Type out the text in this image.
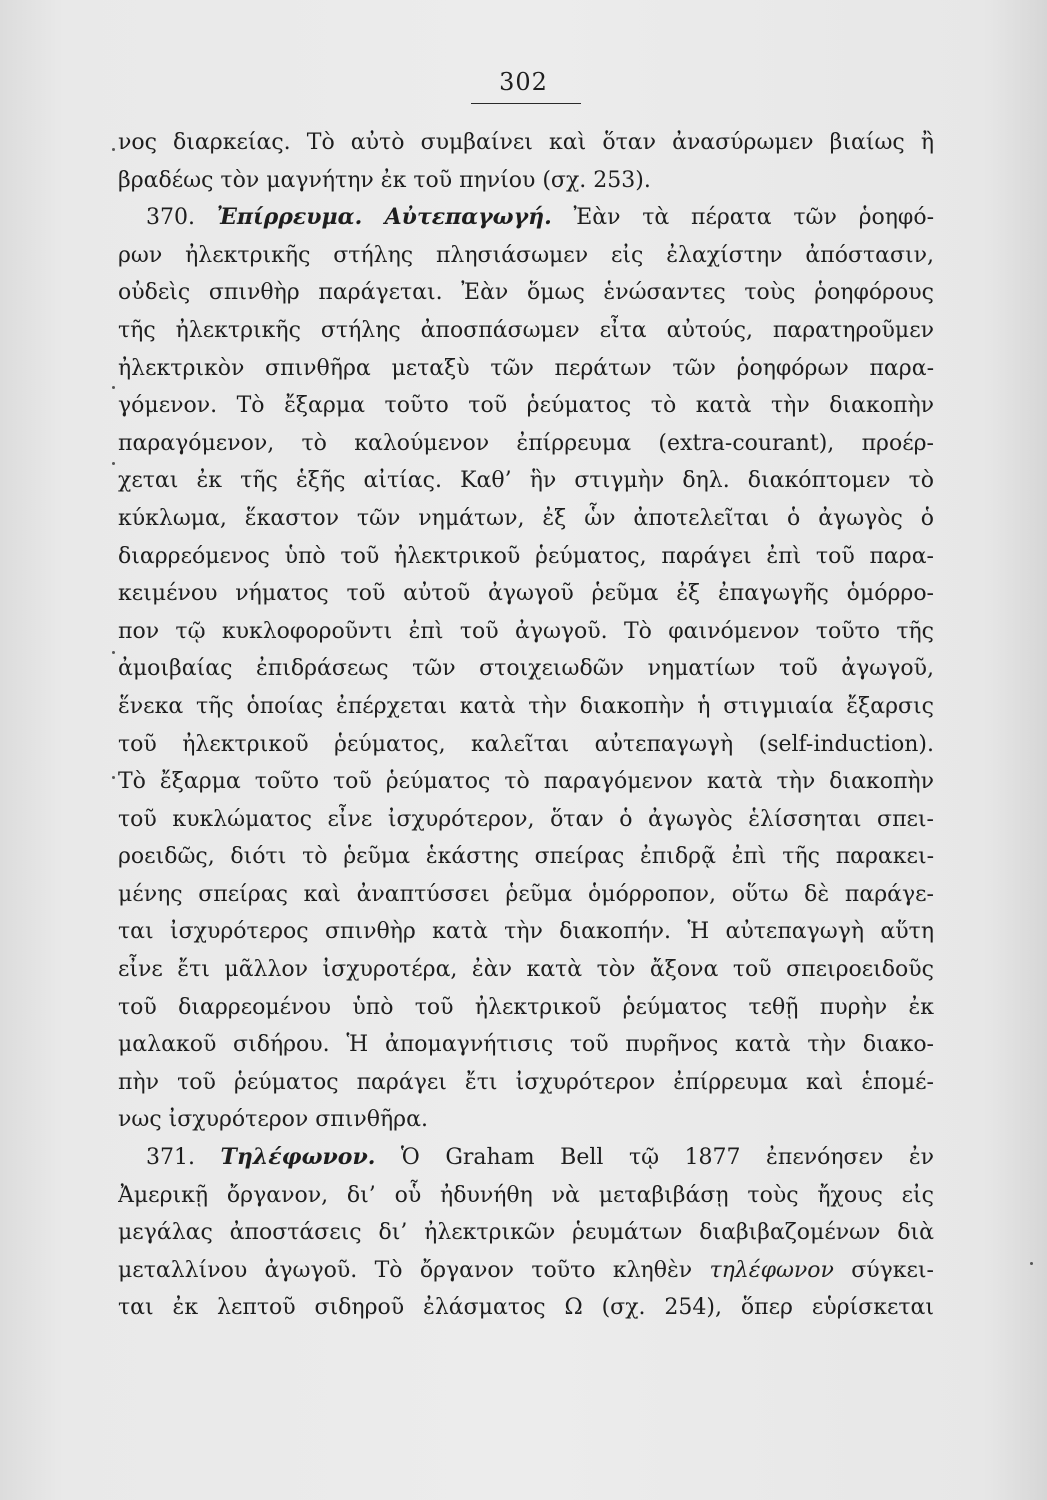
302
νος διαρκείας. Τὸ αὐτὸ συμβαίνει καὶ ὅταν ἀνασύρωμεν βιαίως ἢ
βραδέως τὸν μαγνήτην ἐκ τοῦ πηνίου (σχ. 253).
370. Ἐπίρρευμα. Αὐτεπαγωγή. Ἐὰν τὰ πέρατα τῶν ῥοηφό-
ρων ἠλεκτρικῆς στήλης πλησιάσωμεν εἰς ἐλαχίστην ἀπόστασιν,
οὐδεὶς σπινθὴρ παράγεται. Ἐὰν ὅμως ἑνώσαντες τοὺς ῥοηφόρους
τῆς ἠλεκτρικῆς στήλης ἀποσπάσωμεν εἶτα αὐτούς, παρατηροῦμεν
ἠλεκτρικὸν σπινθῆρα μεταξὺ τῶν περάτων τῶν ῥοηφόρων παρα-
γόμενον. Τὸ ἔξαρμα τοῦτο τοῦ ῥεύματος τὸ κατὰ τὴν διακοπὴν
παραγόμενον, τὸ καλούμενον ἐπίρρευμα (extra-courant), προέρ-
χεται ἐκ τῆς ἑξῆς αἰτίας. Καθ’ ἣν στιγμὴν δηλ. διακόπτομεν τὸ
κύκλωμα, ἕκαστον τῶν νημάτων, ἐξ ὧν ἀποτελεῖται ὁ ἀγωγὸς ὁ
διαρρεόμενος ὑπὸ τοῦ ἠλεκτρικοῦ ῥεύματος, παράγει ἐπὶ τοῦ παρα-
κειμένου νήματος τοῦ αὐτοῦ ἀγωγοῦ ῥεῦμα ἐξ ἐπαγωγῆς ὁμόρρο-
πον τῷ κυκλοφοροῦντι ἐπὶ τοῦ ἀγωγοῦ. Τὸ φαινόμενον τοῦτο τῆς
ἀμοιβαίας ἐπιδράσεως τῶν στοιχειωδῶν νηματίων τοῦ ἀγωγοῦ,
ἕνεκα τῆς ὁποίας ἐπέρχεται κατὰ τὴν διακοπὴν ἡ στιγμιαία ἔξαρσις
τοῦ ἠλεκτρικοῦ ῥεύματος, καλεῖται αὐτεπαγωγὴ (self-induction).
Τὸ ἔξαρμα τοῦτο τοῦ ῥεύματος τὸ παραγόμενον κατὰ τὴν διακοπὴν
τοῦ κυκλώματος εἶνε ἰσχυρότερον, ὅταν ὁ ἀγωγὸς ἑλίσσηται σπει-
ροειδῶς, διότι τὸ ῥεῦμα ἑκάστης σπείρας ἐπιδρᾷ ἐπὶ τῆς παρακει-
μένης σπείρας καὶ ἀναπτύσσει ῥεῦμα ὁμόρροπον, οὕτω δὲ παράγε-
ται ἰσχυρότερος σπινθὴρ κατὰ τὴν διακοπήν. Ἡ αὐτεπαγωγὴ αὕτη
εἶνε ἔτι μᾶλλον ἰσχυροτέρα, ἐὰν κατὰ τὸν ἄξονα τοῦ σπειροειδοῦς
τοῦ διαρρεομένου ὑπὸ τοῦ ἠλεκτρικοῦ ῥεύματος τεθῇ πυρὴν ἐκ
μαλακοῦ σιδήρου. Ἡ ἀπομαγνήτισις τοῦ πυρῆνος κατὰ τὴν διακο-
πὴν τοῦ ῥεύματος παράγει ἔτι ἰσχυρότερον ἐπίρρευμα καὶ ἑπομέ-
νως ἰσχυρότερον σπινθῆρα.
371. Τηλέφωνον. Ὁ Graham Bell τῷ 1877 ἐπενόησεν ἐν
Ἀμερικῇ ὄργανον, δι’ οὗ ἠδυνήθη νὰ μεταβιβάσῃ τοὺς ἤχους εἰς
μεγάλας ἀποστάσεις δι’ ἠλεκτρικῶν ῥευμάτων διαβιβαζομένων διὰ
μεταλλίνου ἀγωγοῦ. Τὸ ὄργανον τοῦτο κληθὲν τηλέφωνον σύγκει-
ται ἐκ λεπτοῦ σιδηροῦ ἐλάσματος Ω (σχ. 254), ὅπερ εὑρίσκεται
